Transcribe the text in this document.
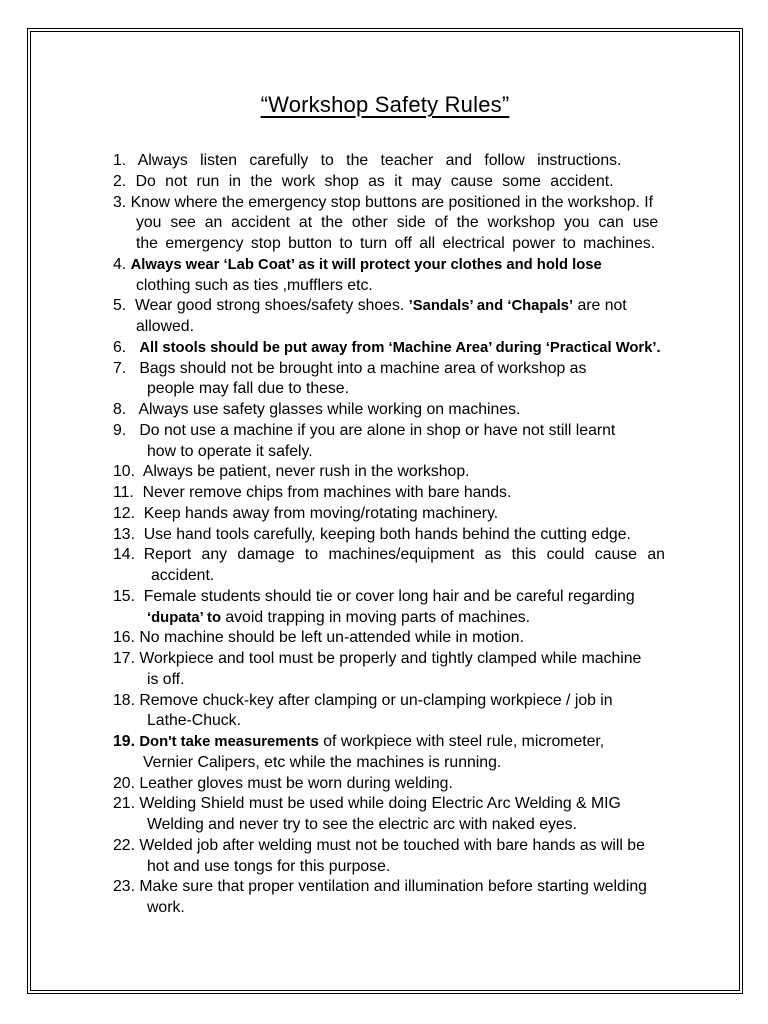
“Workshop Safety Rules”
1. Always listen carefully to the teacher and follow instructions.
2. Do not run in the work shop as it may cause some accident.
3. Know where the emergency stop buttons are positioned in the workshop. If
you see an accident at the other side of the workshop you can use
the emergency stop button to turn off all electrical power to machines.
4. Always wear ‘Lab Coat’ as it will protect your clothes and hold lose
clothing such as ties ,mufflers etc.
5. Wear good strong shoes/safety shoes. ’Sandals’ and ‘Chapals’ are not
allowed.
6. All stools should be put away from ‘Machine Area’ during ‘Practical Work’.
7. Bags should not be brought into a machine area of workshop as
people may fall due to these.
8. Always use safety glasses while working on machines.
9. Do not use a machine if you are alone in shop or have not still learnt
how to operate it safely.
10. Always be patient, never rush in the workshop.
11. Never remove chips from machines with bare hands.
12. Keep hands away from moving/rotating machinery.
13. Use hand tools carefully, keeping both hands behind the cutting edge.
14. Report any damage to machines/equipment as this could cause an
accident.
15. Female students should tie or cover long hair and be careful regarding
‘dupata’ to avoid trapping in moving parts of machines.
16. No machine should be left un-attended while in motion.
17. Workpiece and tool must be properly and tightly clamped while machine
is off.
18. Remove chuck-key after clamping or un-clamping workpiece / job in
Lathe-Chuck.
19. Don't take measurements of workpiece with steel rule, micrometer,
Vernier Calipers, etc while the machines is running.
20. Leather gloves must be worn during welding.
21. Welding Shield must be used while doing Electric Arc Welding & MIG
Welding and never try to see the electric arc with naked eyes.
22. Welded job after welding must not be touched with bare hands as will be
hot and use tongs for this purpose.
23. Make sure that proper ventilation and illumination before starting welding
work.
